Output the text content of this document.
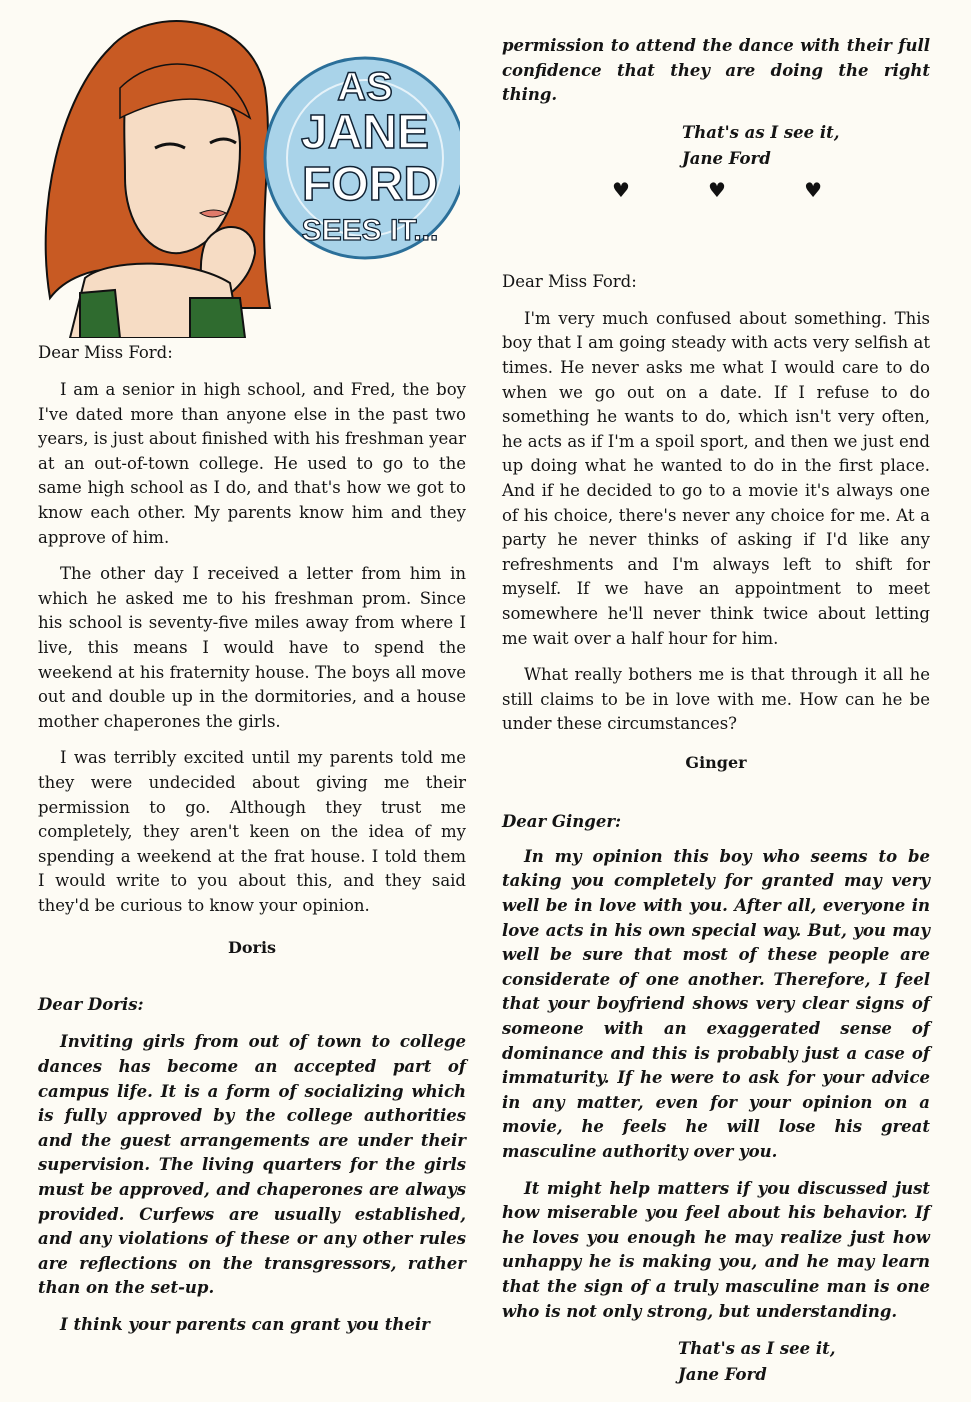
AS
JANE
FORD
SEES IT...

Dear Miss Ford:

I am a senior in high school, and Fred, the boy I've dated more than anyone else in the past two years, is just about finished with his freshman year at an out-of-town college. He used to go to the same high school as I do, and that's how we got to know each other. My parents know him and they approve of him.

The other day I received a letter from him in which he asked me to his freshman prom. Since his school is seventy-five miles away from where I live, this means I would have to spend the weekend at his fraternity house. The boys all move out and double up in the dormitories, and a house mother chaperones the girls.

I was terribly excited until my parents told me they were undecided about giving me their permission to go. Although they trust me completely, they aren't keen on the idea of my spending a weekend at the frat house. I told them I would write to you about this, and they said they'd be curious to know your opinion.

Doris

Dear Doris:

Inviting girls from out of town to college dances has become an accepted part of campus life. It is a form of socializing which is fully approved by the college authorities and the guest arrangements are under their supervision. The living quarters for the girls must be approved, and chaperones are always provided. Curfews are usually established, and any violations of these or any other rules are reflections on the transgressors, rather than on the set-up.

I think your parents can grant you their

permission to attend the dance with their full confidence that they are doing the right thing.

That's as I see it,

Jane Ford

Dear Miss Ford:

I'm very much confused about something. This boy that I am going steady with acts very selfish at times. He never asks me what I would care to do when we go out on a date. If I refuse to do something he wants to do, which isn't very often, he acts as if I'm a spoil sport, and then we just end up doing what he wanted to do in the first place. And if he decided to go to a movie it's always one of his choice, there's never any choice for me. At a party he never thinks of asking if I'd like any refreshments and I'm always left to shift for myself. If we have an appointment to meet somewhere he'll never think twice about letting me wait over a half hour for him.

What really bothers me is that through it all he still claims to be in love with me. How can he be under these circumstances?

Ginger

Dear Ginger:

In my opinion this boy who seems to be taking you completely for granted may very well be in love with you. After all, everyone in love acts in his own special way. But, you may well be sure that most of these people are considerate of one another. Therefore, I feel that your boyfriend shows very clear signs of someone with an exaggerated sense of dominance and this is probably just a case of immaturity. If he were to ask for your advice in any matter, even for your opinion on a movie, he feels he will lose his great masculine authority over you.

It might help matters if you discussed just how miserable you feel about his behavior. If he loves you enough he may realize just how unhappy he is making you, and he may learn that the sign of a truly masculine man is one who is not only strong, but understanding.

That's as I see it,

Jane Ford

♥	♥	♥
